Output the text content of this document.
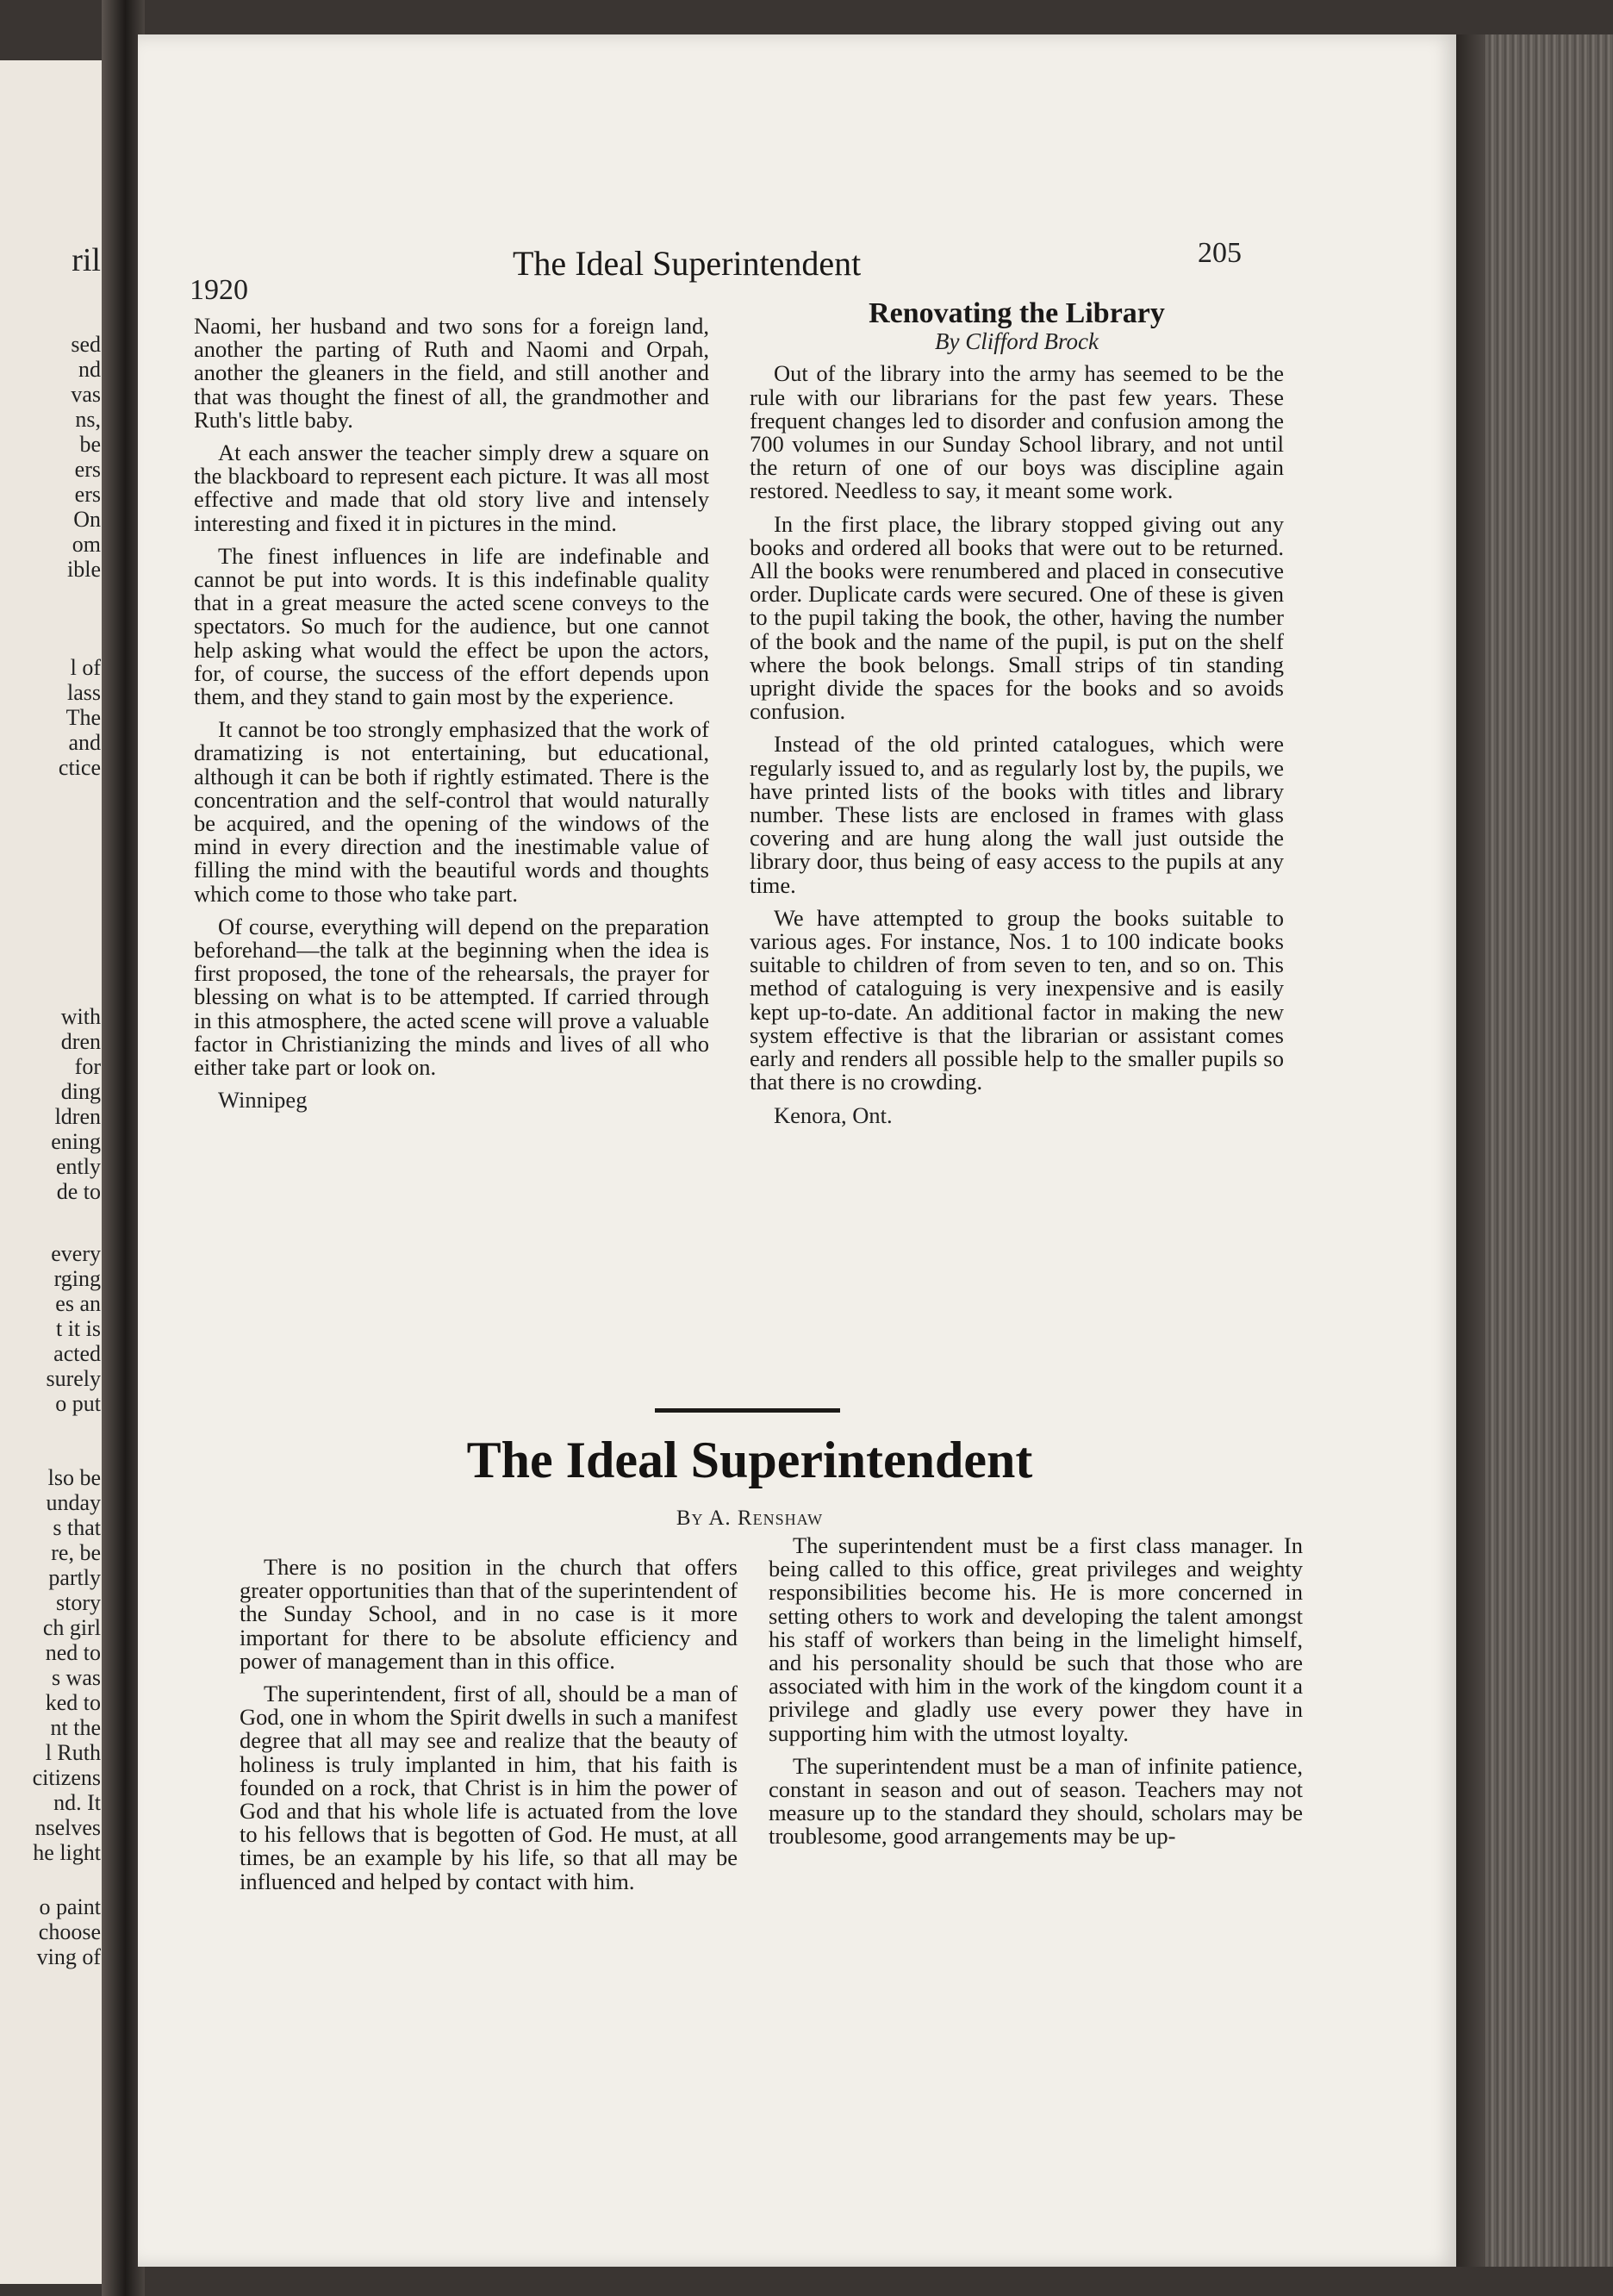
ril
sed
nd
vas
ns,
be
ers
ers
On
om
ible
l of
lass
The
and
ctice
with
dren
for
ding
ldren
ening
ently
de to
every
rging
es an
t it is
acted
surely
o put
lso be
unday
s that
re, be
partly
story
ch girl
ned to
s was
ked to
nt the
l Ruth
citizens
nd. It
nselves
he light
o paint
choose
ving of
1920
The Ideal Superintendent	205

Naomi, her husband and two sons for a foreign land, another the parting of Ruth and Naomi and Orpah, another the gleaners in the field, and still another and that was thought the finest of all, the grandmother and Ruth's little baby.

At each answer the teacher simply drew a square on the blackboard to represent each picture. It was all most effective and made that old story live and intensely interesting and fixed it in pictures in the mind.

The finest influences in life are indefinable and cannot be put into words. It is this indefinable quality that in a great measure the acted scene conveys to the spectators. So much for the audience, but one cannot help asking what would the effect be upon the actors, for, of course, the success of the effort depends upon them, and they stand to gain most by the experience.

It cannot be too strongly emphasized that the work of dramatizing is not entertaining, but educational, although it can be both if rightly estimated. There is the concentration and the self-control that would naturally be acquired, and the opening of the windows of the mind in every direction and the inestimable value of filling the mind with the beautiful words and thoughts which come to those who take part.

Of course, everything will depend on the preparation beforehand—the talk at the beginning when the idea is first proposed, the tone of the rehearsals, the prayer for blessing on what is to be attempted. If carried through in this atmosphere, the acted scene will prove a valuable factor in Christianizing the minds and lives of all who either take part or look on.

Winnipeg
Renovating the Library
By Clifford Brock

Out of the library into the army has seemed to be the rule with our librarians for the past few years. These frequent changes led to disorder and confusion among the 700 volumes in our Sunday School library, and not until the return of one of our boys was discipline again restored. Needless to say, it meant some work.

In the first place, the library stopped giving out any books and ordered all books that were out to be returned. All the books were renumbered and placed in consecutive order. Duplicate cards were secured. One of these is given to the pupil taking the book, the other, having the number of the book and the name of the pupil, is put on the shelf where the book belongs. Small strips of tin standing upright divide the spaces for the books and so avoids confusion.

Instead of the old printed catalogues, which were regularly issued to, and as regularly lost by, the pupils, we have printed lists of the books with titles and library number. These lists are enclosed in frames with glass covering and are hung along the wall just outside the library door, thus being of easy access to the pupils at any time.

We have attempted to group the books suitable to various ages. For instance, Nos. 1 to 100 indicate books suitable to children of from seven to ten, and so on. This method of cataloguing is very inexpensive and is easily kept up-to-date. An additional factor in making the new system effective is that the librarian or assistant comes early and renders all possible help to the smaller pupils so that there is no crowding.

Kenora, Ont.
The Ideal Superintendent
By A. Renshaw

There is no position in the church that offers greater opportunities than that of the superintendent of the Sunday School, and in no case is it more important for there to be absolute efficiency and power of management than in this office.

The superintendent, first of all, should be a man of God, one in whom the Spirit dwells in such a manifest degree that all may see and realize that the beauty of holiness is truly implanted in him, that his faith is founded on a rock, that Christ is in him the power of God and that his whole life is actuated from the love to his fellows that is begotten of God. He must, at all times, be an example by his life, so that all may be influenced and helped by contact with him.

The superintendent must be a first class manager. In being called to this office, great privileges and weighty responsibilities become his. He is more concerned in setting others to work and developing the talent amongst his staff of workers than being in the limelight himself, and his personality should be such that those who are associated with him in the work of the kingdom count it a privilege and gladly use every power they have in supporting him with the utmost loyalty.

The superintendent must be a man of infinite patience, constant in season and out of season. Teachers may not measure up to the standard they should, scholars may be troublesome, good arrangements may be up-
